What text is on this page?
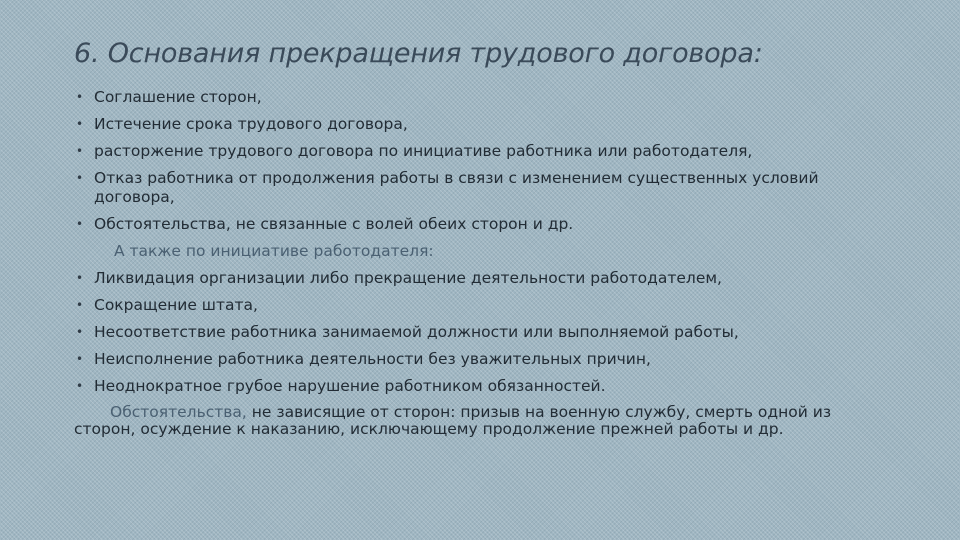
6. Основания прекращения трудового договора:
• Соглашение сторон,
• Истечение срока трудового договора,
• расторжение трудового договора по инициативе работника или работодателя,
• Отказ работника от продолжения работы в связи с изменением существенных условий договора,
• Обстоятельства, не связанные с волей обеих сторон и др.
А также по инициативе работодателя:
• Ликвидация организации либо прекращение деятельности работодателем,
• Сокращение штата,
• Несоответствие работника занимаемой должности или выполняемой работы,
• Неисполнение работника деятельности без уважительных причин,
• Неоднократное грубое нарушение работником обязанностей.
Обстоятельства, не зависящие от сторон: призыв на военную службу, смерть одной из сторон, осуждение к наказанию, исключающему продолжение прежней работы и др.
